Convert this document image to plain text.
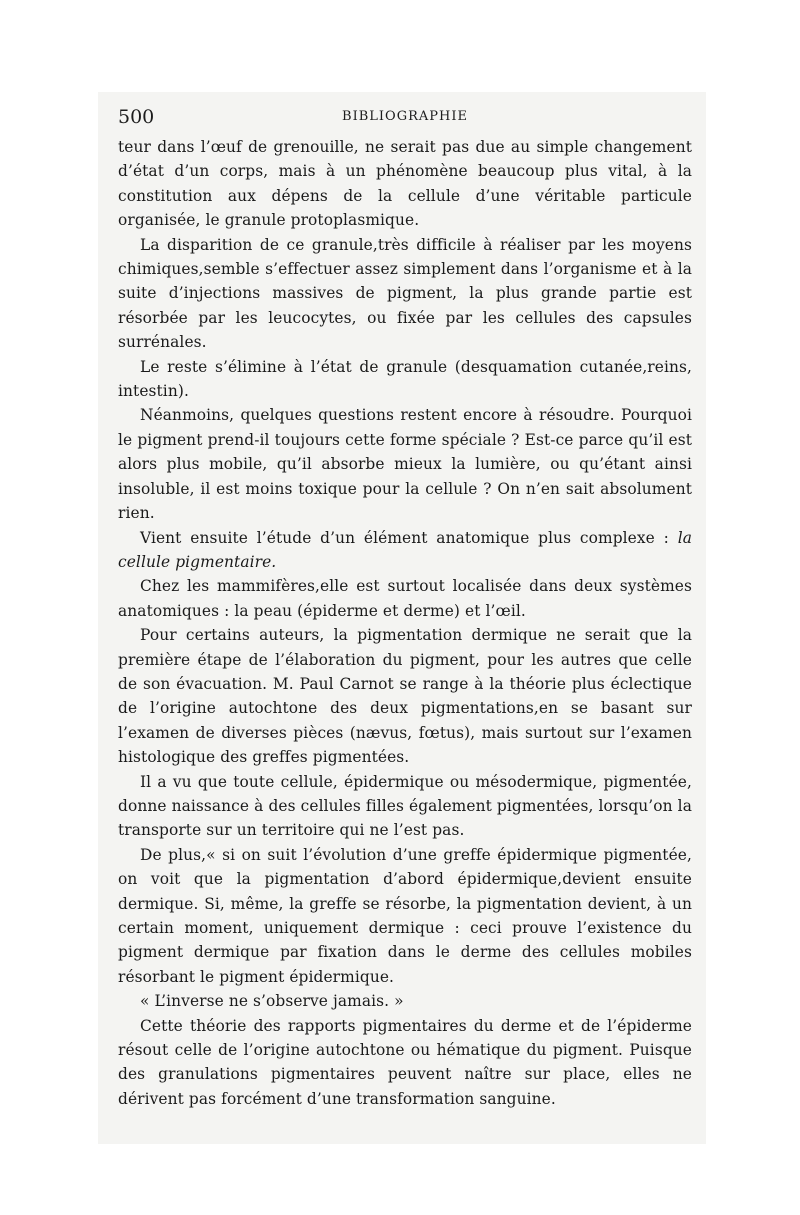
500	BIBLIOGRAPHIE

teur dans l’œuf de grenouille, ne serait pas due au simple changement d’état d’un corps, mais à un phénomène beaucoup plus vital, à la constitution aux dépens de la cellule d’une véritable particule organisée, le granule protoplasmique.

La disparition de ce granule,très difficile à réaliser par les moyens chimiques,semble s’effectuer assez simplement dans l’organisme et à la suite d’injections massives de pigment, la plus grande partie est résorbée par les leucocytes, ou fixée par les cellules des capsules surrénales.

Le reste s’élimine à l’état de granule (desquamation cutanée,reins, intestin).

Néanmoins, quelques questions restent encore à résoudre. Pourquoi le pigment prend-il toujours cette forme spéciale ? Est-ce parce qu’il est alors plus mobile, qu’il absorbe mieux la lumière, ou qu’étant ainsi insoluble, il est moins toxique pour la cellule ? On n’en sait absolument rien.

Vient ensuite l’étude d’un élément anatomique plus complexe : la cellule pigmentaire.

Chez les mammifères,elle est surtout localisée dans deux systèmes anatomiques : la peau (épiderme et derme) et l’œil.

Pour certains auteurs, la pigmentation dermique ne serait que la première étape de l’élaboration du pigment, pour les autres que celle de son évacuation. M. Paul Carnot se range à la théorie plus éclectique de l’origine autochtone des deux pigmentations,en se basant sur l’examen de diverses pièces (nævus, fœtus), mais surtout sur l’examen histologique des greffes pigmentées.

Il a vu que toute cellule, épidermique ou mésodermique, pigmentée, donne naissance à des cellules filles également pigmentées, lorsqu’on la transporte sur un territoire qui ne l’est pas.

De plus,« si on suit l’évolution d’une greffe épidermique pigmentée, on voit que la pigmentation d’abord épidermique,devient ensuite dermique. Si, même, la greffe se résorbe, la pigmentation devient, à un certain moment, uniquement dermique : ceci prouve l’existence du pigment dermique par fixation dans le derme des cellules mobiles résorbant le pigment épidermique.

« L’inverse ne s’observe jamais. »

Cette théorie des rapports pigmentaires du derme et de l’épiderme résout celle de l’origine autochtone ou hématique du pigment. Puisque des granulations pigmentaires peuvent naître sur place, elles ne dérivent pas forcément d’une transformation sanguine.
